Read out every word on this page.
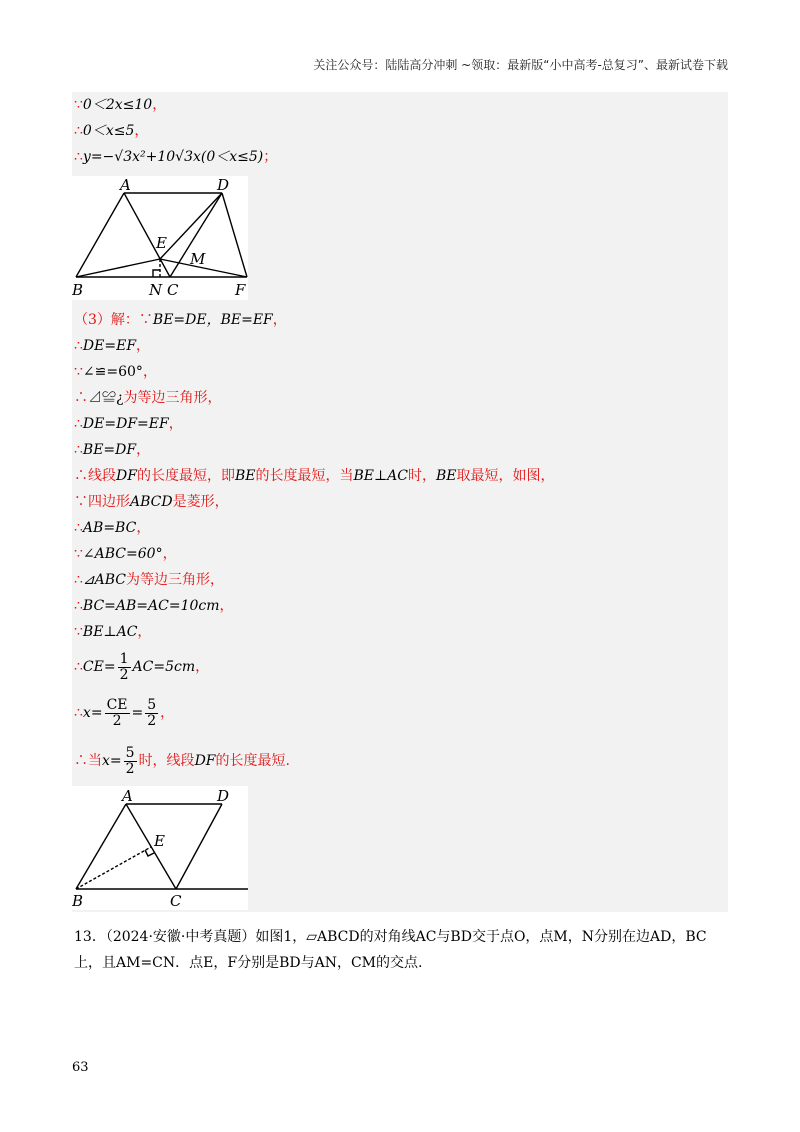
关注公众号：陆陆高分冲刺 ~领取：最新版“小中高考-总复习”、最新试卷下载
∵0＜2x≤10，
∴0＜x≤5，
∴y=−√3x²+10√3x(0＜x≤5)；
A	D
E
M
B	N C	F
（3）解：∵BE=DE，BE=EF，
∴DE=EF，
∵∠≌=60°，
∴⊿≌¿为等边三角形，
∴DE=DF=EF，
∴BE=DF，
∴线段DF的长度最短，即BE的长度最短，当BE⊥AC时，BE取最短，如图，
∵四边形ABCD是菱形，
∴AB=BC，
∵∠ABC=60°，
∴⊿ABC为等边三角形，
∴BC=AB=AC=10cm，
∵BE⊥AC，
∴CE= $\frac{1}{2} AC=5cm$，
∴x= $\frac{CE}{2} = \frac{5}{2}$ ，
∴当$x= \frac{5}{2}$ 时，线段DF的长度最短.
A	D
E
B	C
13．（2024·安徽·中考真题）如图1，▱ABCD的对角线AC与BD交于点O，点M，N分别在边AD，BC
上，且AM=CN．点E，F分别是BD与AN，CM的交点.
63
